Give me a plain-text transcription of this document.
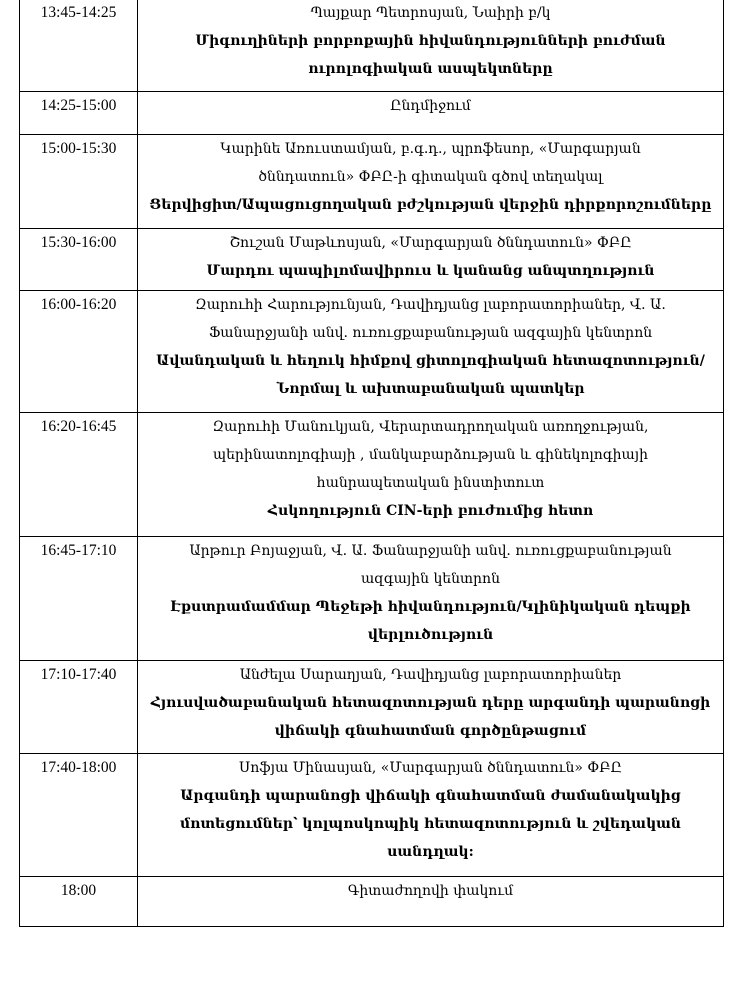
13:45-14:25	Պայքար Պետրոսյան, Նաիրի բ/կ
Միգուղիների բորբոքային հիվանդությունների բուժման
ուրոլոգիական ասպեկտները

14:25-15:00	Ընդմիջում

15:00-15:30	Կարինե Առուստամյան, բ.գ.դ., պրոֆեսոր, «Մարգարյան
ծննդատուն» ՓԲԸ-ի գիտական գծով տեղակալ
Ցերվիցիտ/Ապացուցողական բժշկության վերջին դիրքորոշումները

15:30-16:00	Շուշան Մաթևոսյան, «Մարգարյան ծննդատուն» ՓԲԸ
Մարդու պապիլոմավիրուս և կանանց անպտղություն

16:00-16:20	Զարուհի Հարությունյան, Դավիդյանց լաբորատորիաներ, Վ. Ա.
Ֆանարջյանի անվ. ուռուցքաբանության ազգային կենտրոն
Ավանդական և հեղուկ հիմքով ցիտոլոգիական հետազոտություն/
Նորմալ և ախտաբանական պատկեր

16:20-16:45	Զարուհի Մանուկյան, Վերարտադրողական առողջության,
պերինատոլոգիայի , մանկաբարձության և գինեկոլոգիայի
հանրապետական ինստիտուտ
Հսկողություն CIN-երի բուժումից հետո

16:45-17:10	Արթուր Բոյաջյան, Վ. Ա. Ֆանարջյանի անվ. ուռուցքաբանության
ազգային կենտրոն
Էքստրամամմար Պեջեթի հիվանդություն/Կլինիկական դեպքի
վերլուծություն

17:10-17:40	Անժելա Սարաղյան, Դավիդյանց լաբորատորիաներ
Հյուսվածաբանական հետազոտության դերը արգանդի պարանոցի
վիճակի գնահատման գործընթացում

17:40-18:00	Սոֆյա Մինասյան, «Մարգարյան ծննդատուն» ՓԲԸ
Արգանդի պարանոցի վիճակի գնահատման ժամանակակից
մոտեցումներ՝ կոլպոսկոպիկ հետազոտություն և շվեդական
սանդղակ:

18:00	Գիտաժողովի փակում
